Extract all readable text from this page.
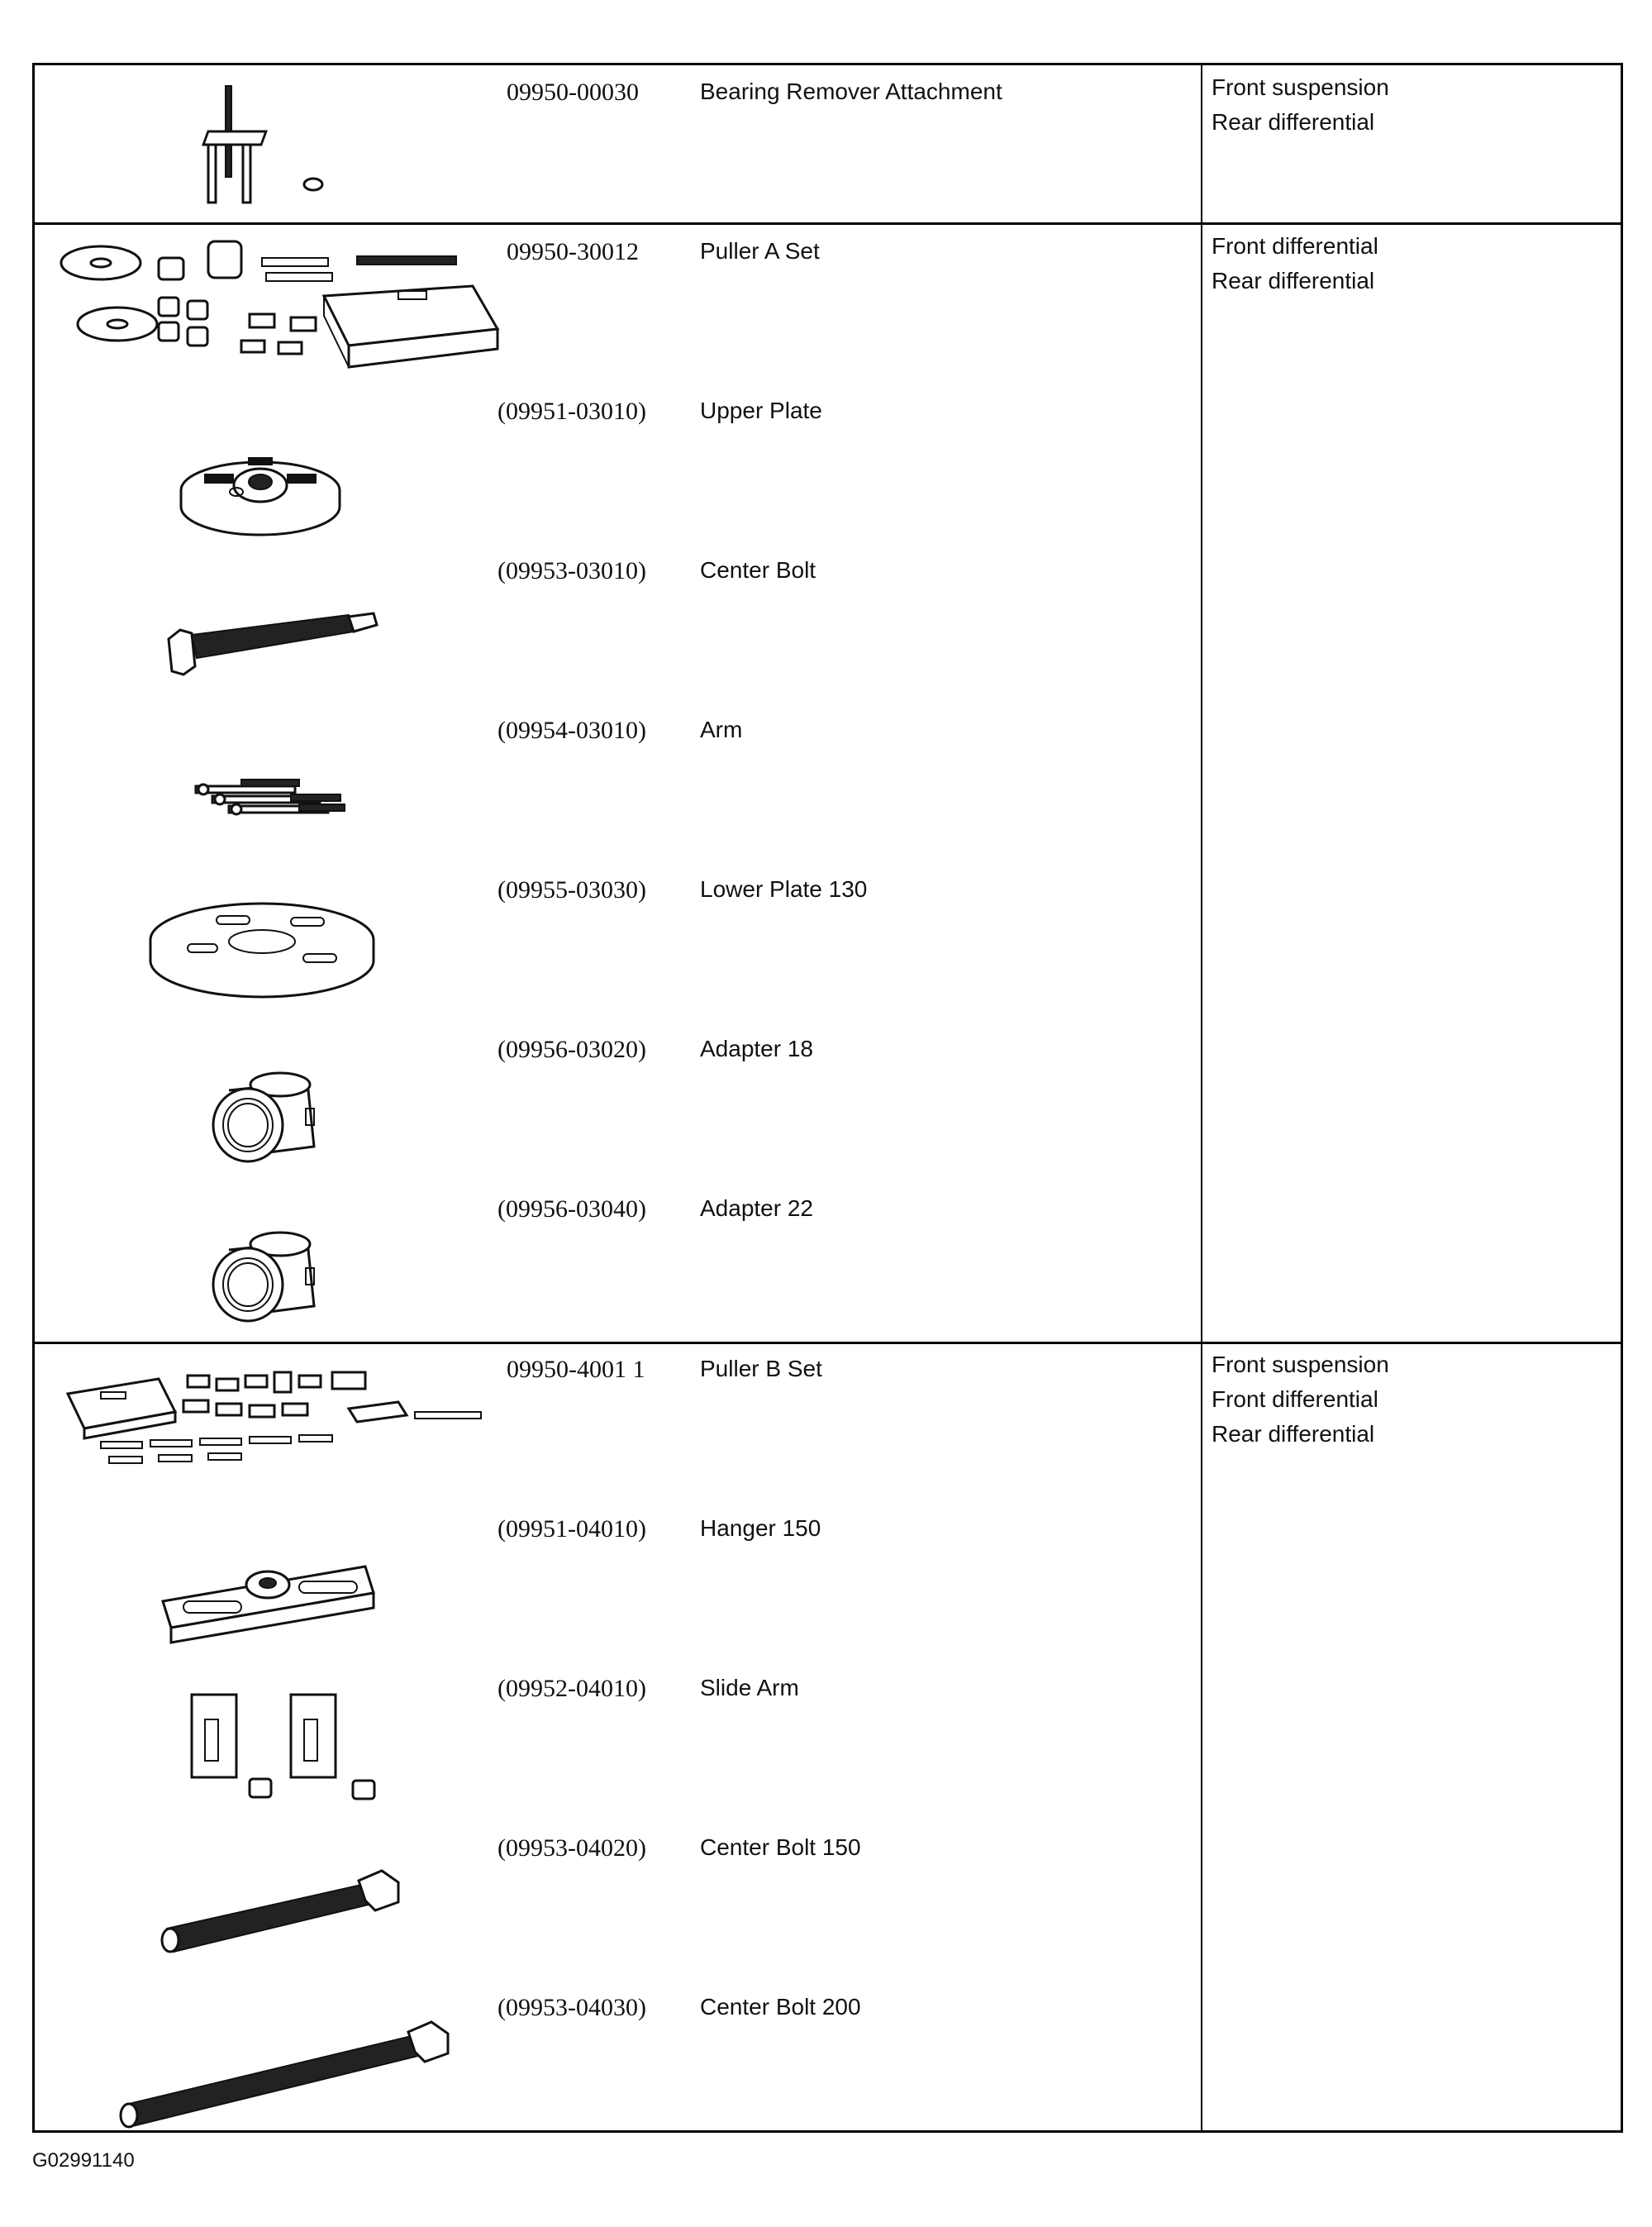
Front suspension
Rear differential
09950-00030	Bearing Remover Attachment
Front differential
Rear differential
09950-30012	Puller A Set
(09951-03010) Upper Plate
(09953-03010) Center Bolt
(09954-03010) Arm
(09955-03030) Lower Plate 130
(09956-03020) Adapter 18
(09956-03040) Adapter 22
Front suspension
Front differential
Rear differential
09950-4001 1 Puller B Set
(09951-04010) Hanger 150
(09952-04010) Slide Arm
(09953-04020) Center Bolt 150
(09953-04030) Center Bolt 200
G02991140
